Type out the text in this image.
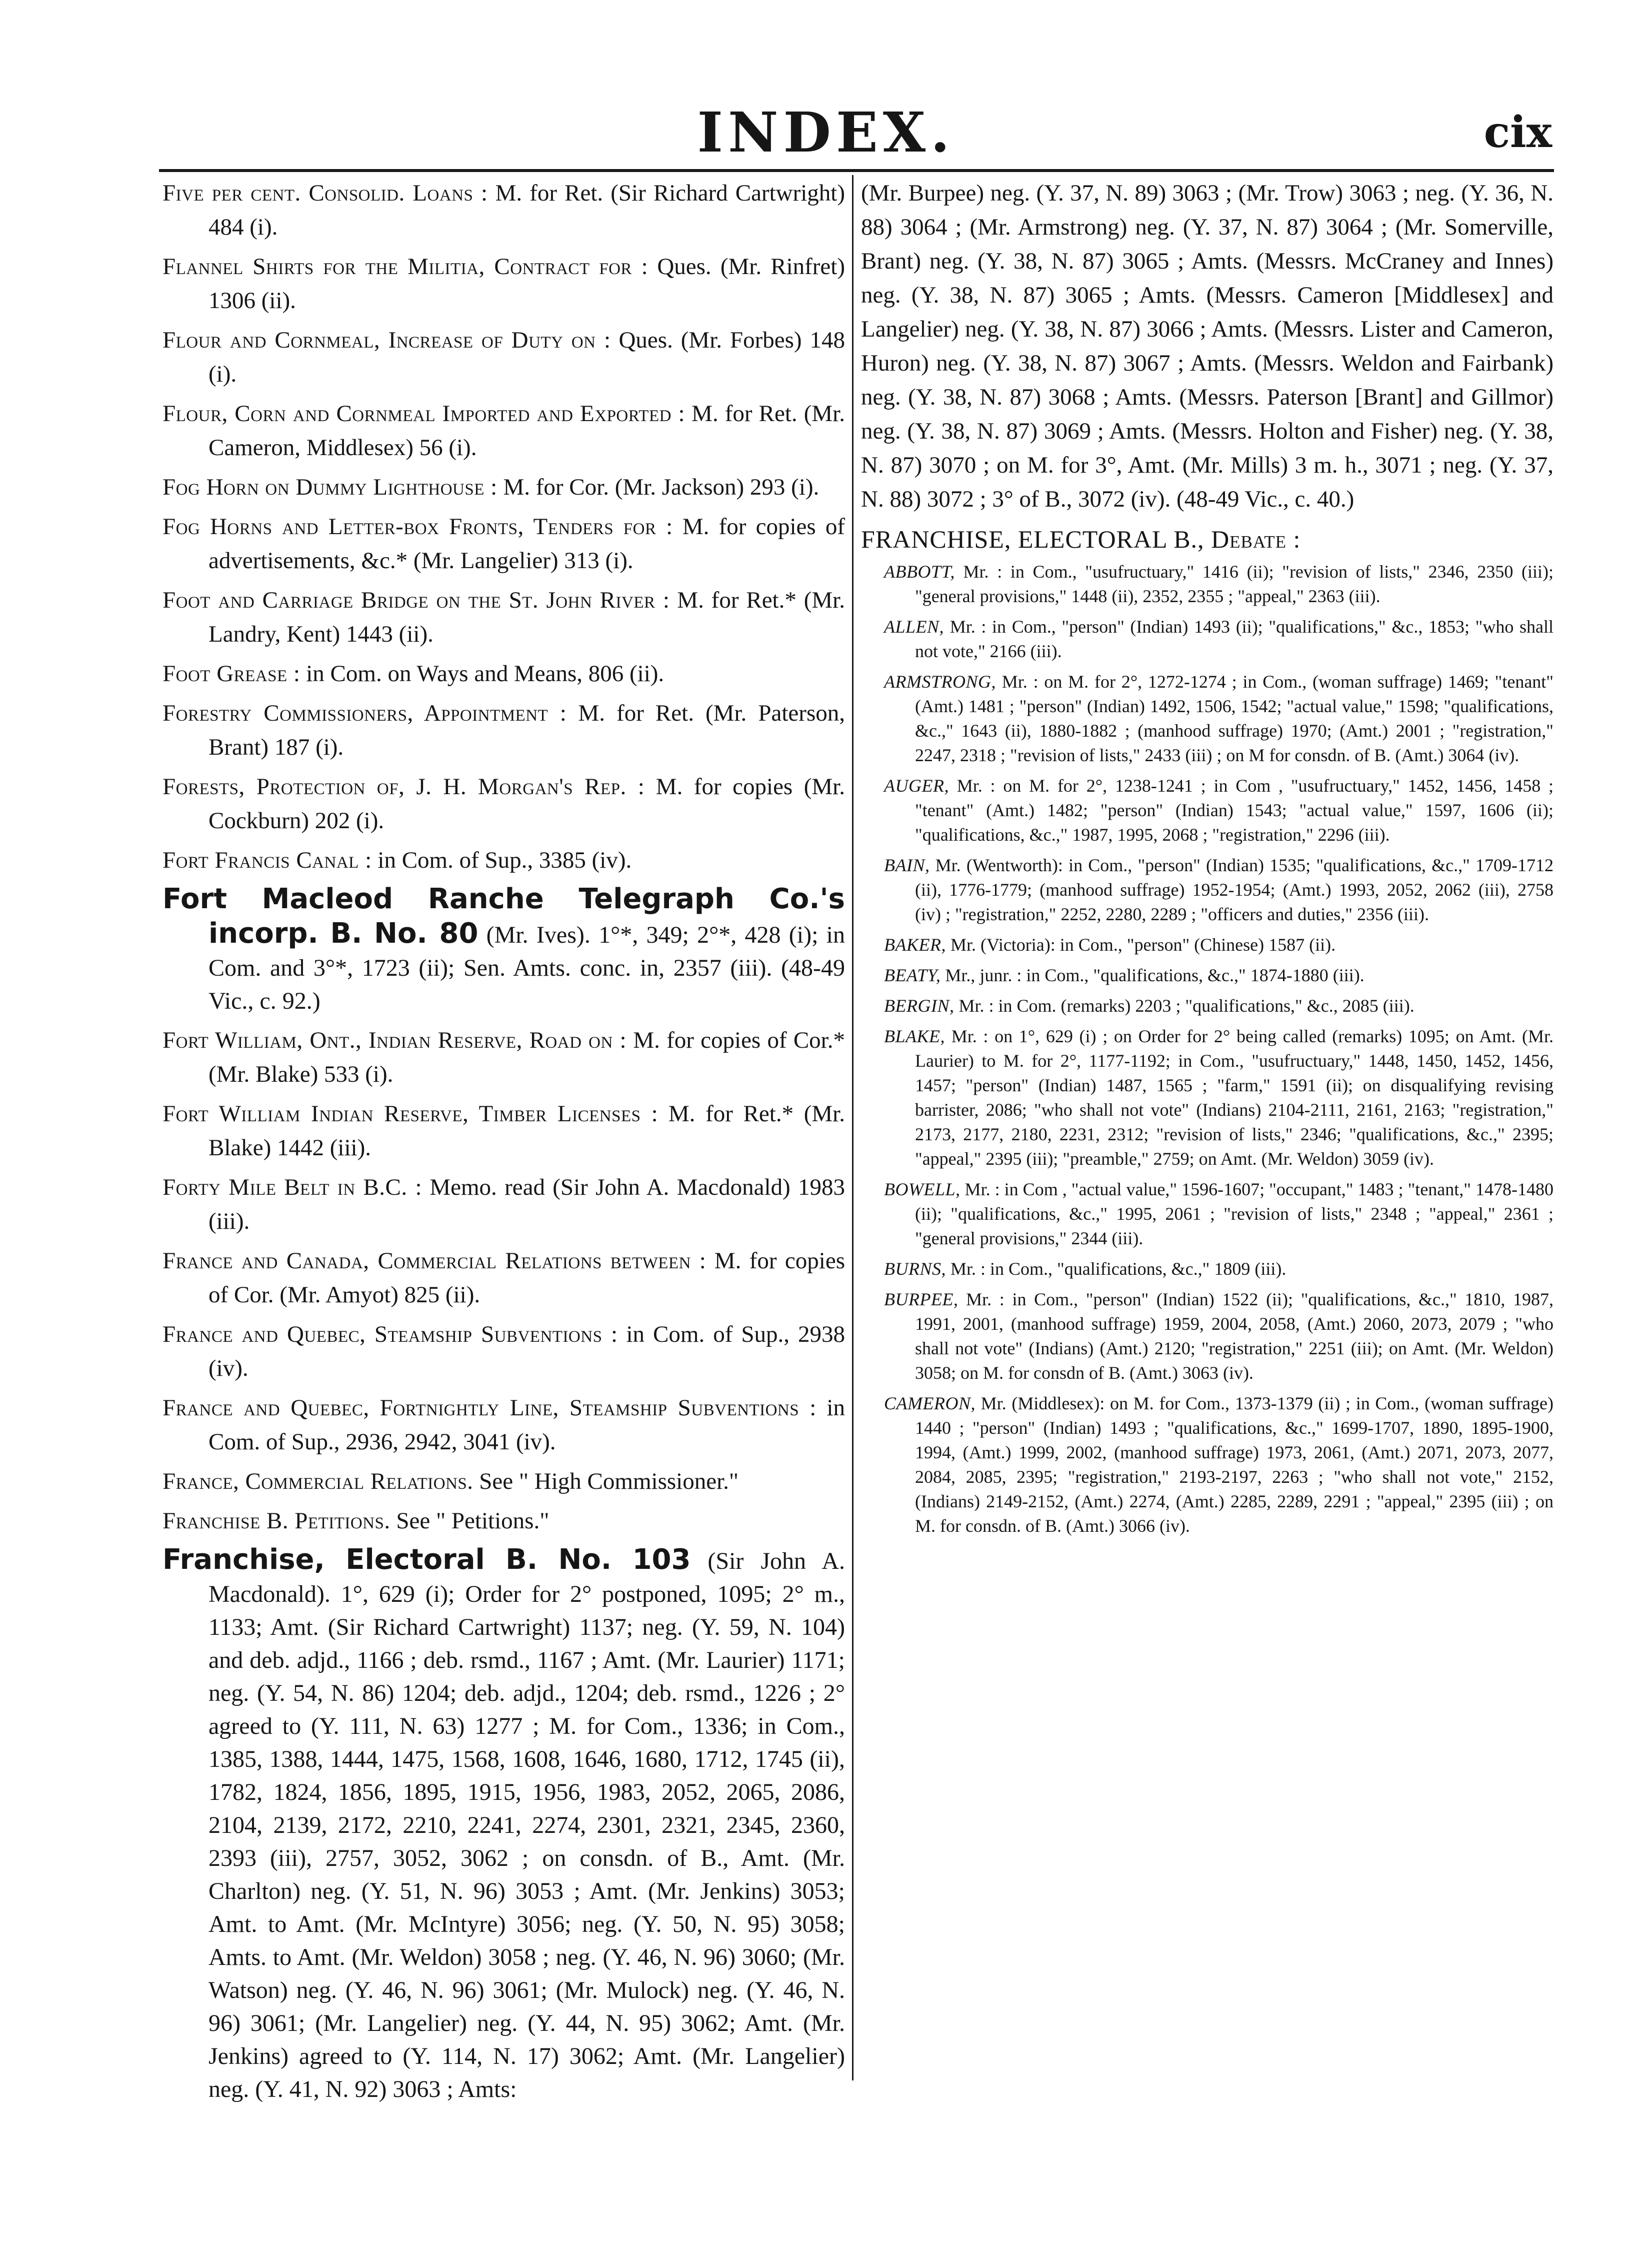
INDEX.	cix

Five per cent. Consolid. Loans : M. for Ret. (Sir Richard Cartwright) 484 (i).

Flannel Shirts for the Militia, Contract for : Ques. (Mr. Rinfret) 1306 (ii).

Flour and Cornmeal, Increase of Duty on : Ques. (Mr. Forbes) 148 (i).

Flour, Corn and Cornmeal Imported and Exported : M. for Ret. (Mr. Cameron, Middlesex) 56 (i).

Fog Horn on Dummy Lighthouse : M. for Cor. (Mr. Jackson) 293 (i).

Fog Horns and Letter-box Fronts, Tenders for : M. for copies of advertisements, &c.* (Mr. Langelier) 313 (i).

Foot and Carriage Bridge on the St. John River : M. for Ret.* (Mr. Landry, Kent) 1443 (ii).

Foot Grease : in Com. on Ways and Means, 806 (ii).

Forestry Commissioners, Appointment : M. for Ret. (Mr. Paterson, Brant) 187 (i).

Forests, Protection of, J. H. Morgan's Rep. : M. for copies (Mr. Cockburn) 202 (i).

Fort Francis Canal : in Com. of Sup., 3385 (iv).

Fort Macleod Ranche Telegraph Co.'s incorp. B. No. 80 (Mr. Ives). 1°*, 349; 2°*, 428 (i); in Com. and 3°*, 1723 (ii); Sen. Amts. conc. in, 2357 (iii). (48-49 Vic., c. 92.)

Fort William, Ont., Indian Reserve, Road on : M. for copies of Cor.* (Mr. Blake) 533 (i).

Fort William Indian Reserve, Timber Licenses : M. for Ret.* (Mr. Blake) 1442 (iii).

Forty Mile Belt in B.C. : Memo. read (Sir John A. Macdonald) 1983 (iii).

France and Canada, Commercial Relations between : M. for copies of Cor. (Mr. Amyot) 825 (ii).

France and Quebec, Steamship Subventions : in Com. of Sup., 2938 (iv).

France and Quebec, Fortnightly Line, Steamship Subventions : in Com. of Sup., 2936, 2942, 3041 (iv).

France, Commercial Relations. See " High Commissioner."

Franchise B. Petitions. See " Petitions."

Franchise, Electoral B. No. 103 (Sir John A. Macdonald). 1°, 629 (i); Order for 2° postponed, 1095; 2° m., 1133; Amt. (Sir Richard Cartwright) 1137; neg. (Y. 59, N. 104) and deb. adjd., 1166 ; deb. rsmd., 1167 ; Amt. (Mr. Laurier) 1171; neg. (Y. 54, N. 86) 1204; deb. adjd., 1204; deb. rsmd., 1226 ; 2° agreed to (Y. 111, N. 63) 1277 ; M. for Com., 1336; in Com., 1385, 1388, 1444, 1475, 1568, 1608, 1646, 1680, 1712, 1745 (ii), 1782, 1824, 1856, 1895, 1915, 1956, 1983, 2052, 2065, 2086, 2104, 2139, 2172, 2210, 2241, 2274, 2301, 2321, 2345, 2360, 2393 (iii), 2757, 3052, 3062 ; on consdn. of B., Amt. (Mr. Charlton) neg. (Y. 51, N. 96) 3053 ; Amt. (Mr. Jenkins) 3053; Amt. to Amt. (Mr. McIntyre) 3056; neg. (Y. 50, N. 95) 3058; Amts. to Amt. (Mr. Weldon) 3058 ; neg. (Y. 46, N. 96) 3060; (Mr. Watson) neg. (Y. 46, N. 96) 3061; (Mr. Mulock) neg. (Y. 46, N. 96) 3061; (Mr. Langelier) neg. (Y. 44, N. 95) 3062; Amt. (Mr. Jenkins) agreed to (Y. 114, N. 17) 3062; Amt. (Mr. Langelier) neg. (Y. 41, N. 92) 3063 ; Amts:

(Mr. Burpee) neg. (Y. 37, N. 89) 3063 ; (Mr. Trow) 3063 ; neg. (Y. 36, N. 88) 3064 ; (Mr. Armstrong) neg. (Y. 37, N. 87) 3064 ; (Mr. Somerville, Brant) neg. (Y. 38, N. 87) 3065 ; Amts. (Messrs. McCraney and Innes) neg. (Y. 38, N. 87) 3065 ; Amts. (Messrs. Cameron [Middlesex] and Langelier) neg. (Y. 38, N. 87) 3066 ; Amts. (Messrs. Lister and Cameron, Huron) neg. (Y. 38, N. 87) 3067 ; Amts. (Messrs. Weldon and Fairbank) neg. (Y. 38, N. 87) 3068 ; Amts. (Messrs. Paterson [Brant] and Gillmor) neg. (Y. 38, N. 87) 3069 ; Amts. (Messrs. Holton and Fisher) neg. (Y. 38, N. 87) 3070 ; on M. for 3°, Amt. (Mr. Mills) 3 m. h., 3071 ; neg. (Y. 37, N. 88) 3072 ; 3° of B., 3072 (iv). (48-49 Vic., c. 40.)

FRANCHISE, ELECTORAL B., Debate :

ABBOTT, Mr. : in Com., "usufructuary," 1416 (ii); "revision of lists," 2346, 2350 (iii); "general provisions," 1448 (ii), 2352, 2355 ; "appeal," 2363 (iii).

ALLEN, Mr. : in Com., "person" (Indian) 1493 (ii); "qualifications," &c., 1853; "who shall not vote," 2166 (iii).

ARMSTRONG, Mr. : on M. for 2°, 1272-1274 ; in Com., (woman suffrage) 1469; "tenant" (Amt.) 1481 ; "person" (Indian) 1492, 1506, 1542; "actual value," 1598; "qualifications, &c.," 1643 (ii), 1880-1882 ; (manhood suffrage) 1970; (Amt.) 2001 ; "registration," 2247, 2318 ; "revision of lists," 2433 (iii) ; on M for consdn. of B. (Amt.) 3064 (iv).

AUGER, Mr. : on M. for 2°, 1238-1241 ; in Com , "usufructuary," 1452, 1456, 1458 ; "tenant" (Amt.) 1482; "person" (Indian) 1543; "actual value," 1597, 1606 (ii); "qualifications, &c.," 1987, 1995, 2068 ; "registration," 2296 (iii).

BAIN, Mr. (Wentworth): in Com., "person" (Indian) 1535; "qualifications, &c.," 1709-1712 (ii), 1776-1779; (manhood suffrage) 1952-1954; (Amt.) 1993, 2052, 2062 (iii), 2758 (iv) ; "registration," 2252, 2280, 2289 ; "officers and duties," 2356 (iii).

BAKER, Mr. (Victoria): in Com., "person" (Chinese) 1587 (ii).

BEATY, Mr., junr. : in Com., "qualifications, &c.," 1874-1880 (iii).

BERGIN, Mr. : in Com. (remarks) 2203 ; "qualifications," &c., 2085 (iii).

BLAKE, Mr. : on 1°, 629 (i) ; on Order for 2° being called (remarks) 1095; on Amt. (Mr. Laurier) to M. for 2°, 1177-1192; in Com., "usufructuary," 1448, 1450, 1452, 1456, 1457; "person" (Indian) 1487, 1565 ; "farm," 1591 (ii); on disqualifying revising barrister, 2086; "who shall not vote" (Indians) 2104-2111, 2161, 2163; "registration," 2173, 2177, 2180, 2231, 2312; "revision of lists," 2346; "qualifications, &c.," 2395; "appeal," 2395 (iii); "preamble," 2759; on Amt. (Mr. Weldon) 3059 (iv).

BOWELL, Mr. : in Com , "actual value," 1596-1607; "occupant," 1483 ; "tenant," 1478-1480 (ii); "qualifications, &c.," 1995, 2061 ; "revision of lists," 2348 ; "appeal," 2361 ; "general provisions," 2344 (iii).

BURNS, Mr. : in Com., "qualifications, &c.," 1809 (iii).

BURPEE, Mr. : in Com., "person" (Indian) 1522 (ii); "qualifications, &c.," 1810, 1987, 1991, 2001, (manhood suffrage) 1959, 2004, 2058, (Amt.) 2060, 2073, 2079 ; "who shall not vote" (Indians) (Amt.) 2120; "registration," 2251 (iii); on Amt. (Mr. Weldon) 3058; on M. for consdn of B. (Amt.) 3063 (iv).

CAMERON, Mr. (Middlesex): on M. for Com., 1373-1379 (ii) ; in Com., (woman suffrage) 1440 ; "person" (Indian) 1493 ; "qualifications, &c.," 1699-1707, 1890, 1895-1900, 1994, (Amt.) 1999, 2002, (manhood suffrage) 1973, 2061, (Amt.) 2071, 2073, 2077, 2084, 2085, 2395; "registration," 2193-2197, 2263 ; "who shall not vote," 2152, (Indians) 2149-2152, (Amt.) 2274, (Amt.) 2285, 2289, 2291 ; "appeal," 2395 (iii) ; on M. for consdn. of B. (Amt.) 3066 (iv).
